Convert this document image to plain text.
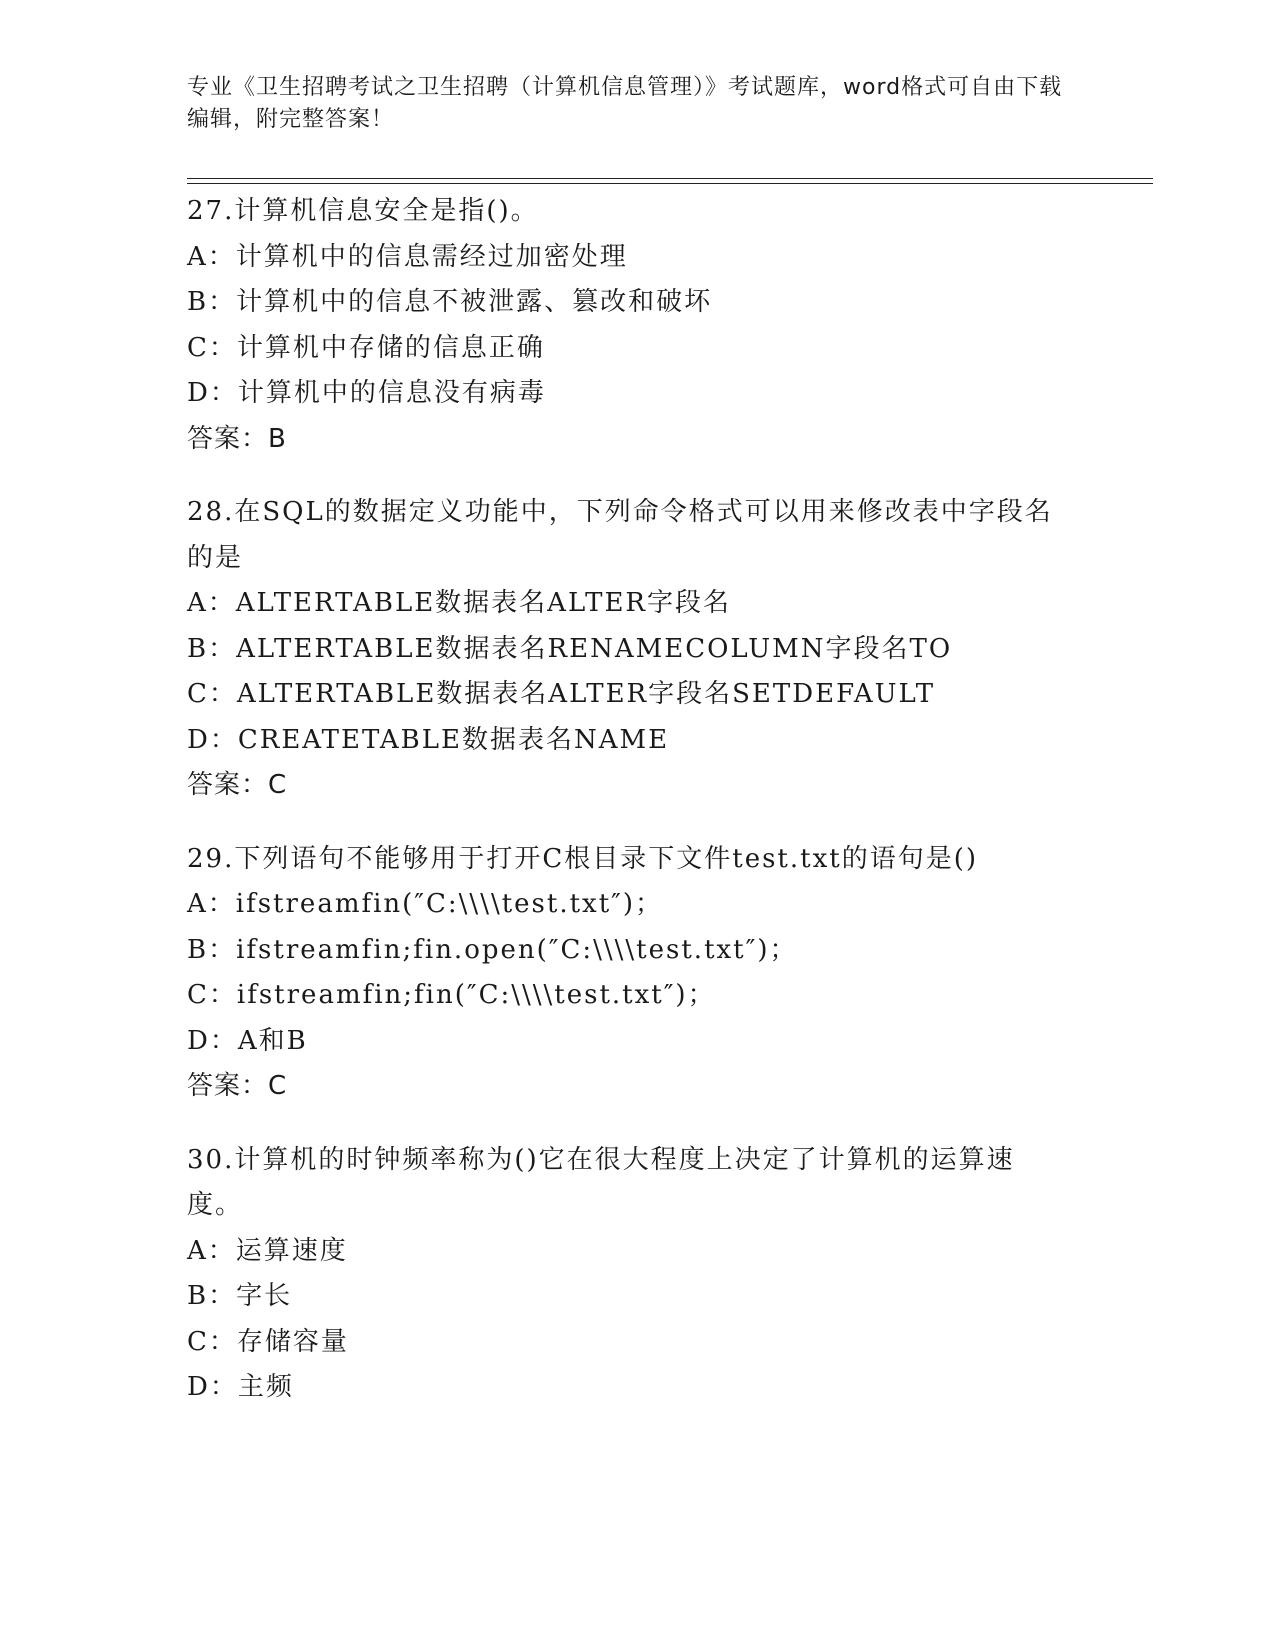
专业《卫生招聘考试之卫生招聘（计算机信息管理）》考试题库，word格式可自由下载编辑，附完整答案！
27.计算机信息安全是指()。
A：计算机中的信息需经过加密处理
B：计算机中的信息不被泄露、篡改和破坏
C：计算机中存储的信息正确
D：计算机中的信息没有病毒
答案：B
28.在SQL的数据定义功能中，下列命令格式可以用来修改表中字段名的是
A：ALTERTABLE数据表名ALTER字段名
B：ALTERTABLE数据表名RENAMECOLUMN字段名TO
C：ALTERTABLE数据表名ALTER字段名SETDEFAULT
D：CREATETABLE数据表名NAME
答案：C
29.下列语句不能够用于打开C根目录下文件test.txt的语句是()
A：ifstreamfin(″C:\\\\test.txt″)；
B：ifstreamfin;fin.open(″C:\\\\test.txt″)；
C：ifstreamfin;fin(″C:\\\\test.txt″)；
D：A和B
答案：C
30.计算机的时钟频率称为()它在很大程度上决定了计算机的运算速度。
A：运算速度
B：字长
C：存储容量
D：主频
